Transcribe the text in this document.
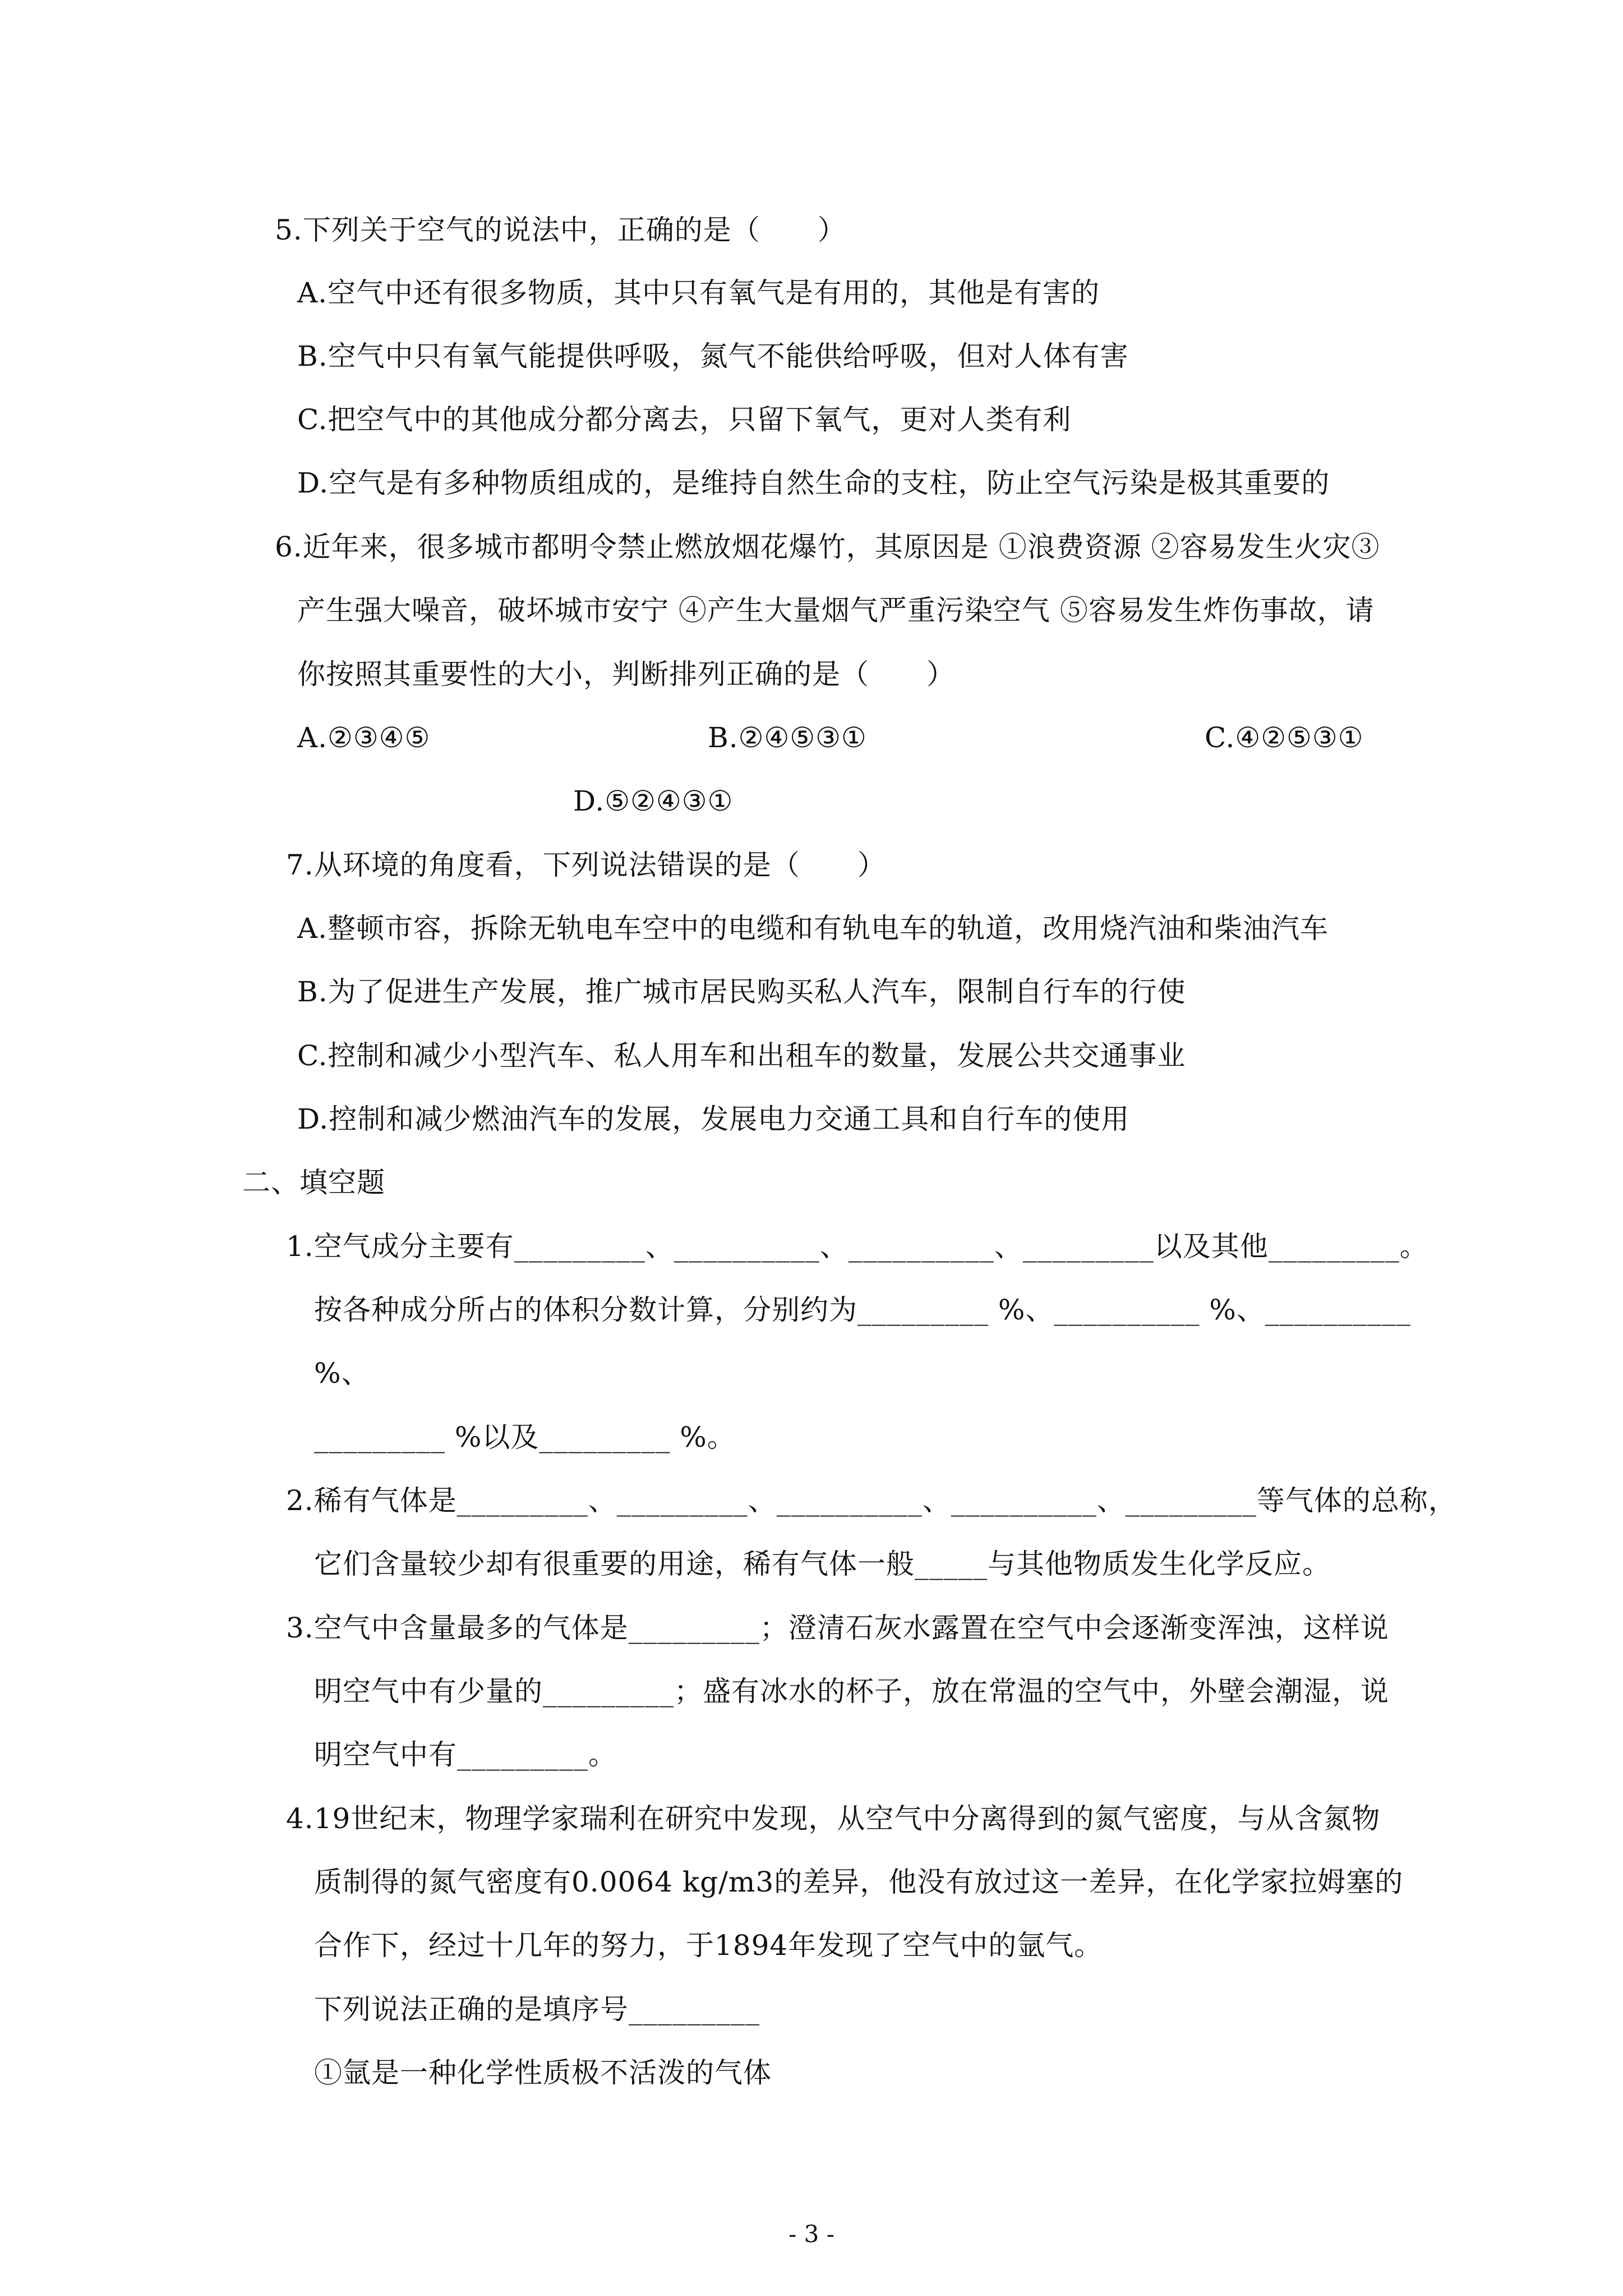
5.下列关于空气的说法中，正确的是（　　）
A.空气中还有很多物质，其中只有氧气是有用的，其他是有害的
B.空气中只有氧气能提供呼吸，氮气不能供给呼吸，但对人体有害
C.把空气中的其他成分都分离去，只留下氧气，更对人类有利
D.空气是有多种物质组成的，是维持自然生命的支柱，防止空气污染是极其重要的
6.近年来，很多城市都明令禁止燃放烟花爆竹，其原因是 ①浪费资源 ②容易发生火灾③
产生强大噪音，破坏城市安宁 ④产生大量烟气严重污染空气 ⑤容易发生炸伤事故，请
你按照其重要性的大小，判断排列正确的是（　　）
A.②③④⑤	B.②④⑤③①	C.④②⑤③①
D.⑤②④③①
7.从环境的角度看，下列说法错误的是（　　）
A.整顿市容，拆除无轨电车空中的电缆和有轨电车的轨道，改用烧汽油和柴油汽车
B.为了促进生产发展，推广城市居民购买私人汽车，限制自行车的行使
C.控制和减少小型汽车、私人用车和出租车的数量，发展公共交通事业
D.控制和减少燃油汽车的发展，发展电力交通工具和自行车的使用
二、填空题
1.空气成分主要有_________、__________、__________、_________以及其他_________。
按各种成分所占的体积分数计算，分别约为_________ %、__________ %、__________
%、
_________ %以及_________ %。
2.稀有气体是_________、_________、__________、__________、_________等气体的总称，
它们含量较少却有很重要的用途，稀有气体一般_____与其他物质发生化学反应。
3.空气中含量最多的气体是_________；澄清石灰水露置在空气中会逐渐变浑浊，这样说
明空气中有少量的_________；盛有冰水的杯子，放在常温的空气中，外壁会潮湿，说
明空气中有_________。
4.19世纪末，物理学家瑞利在研究中发现，从空气中分离得到的氮气密度，与从含氮物
质制得的氮气密度有0.0064 kg/m3的差异，他没有放过这一差异，在化学家拉姆塞的
合作下，经过十几年的努力，于1894年发现了空气中的氩气。
下列说法正确的是填序号_________
①氩是一种化学性质极不活泼的气体
- 3 -
